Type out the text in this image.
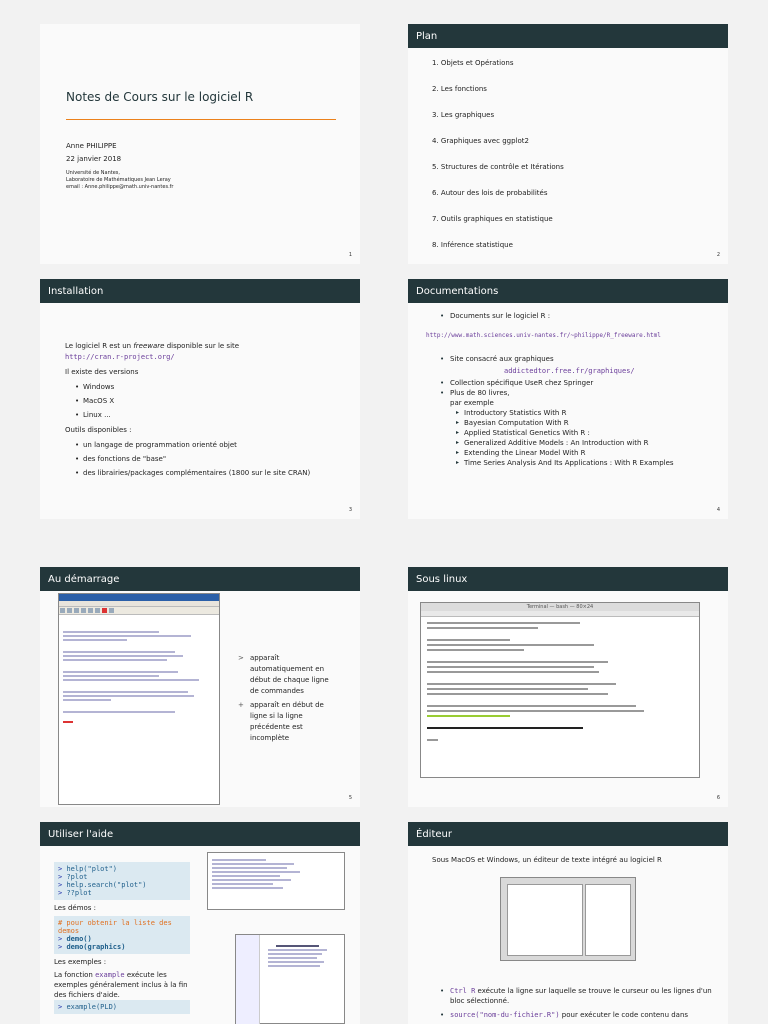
Notes de Cours sur le logiciel R
Anne PHILIPPE
22 janvier 2018
Université de Nantes,
Laboratoire de Mathématiques Jean Leray
email : Anne.philippe@math.univ-nantes.fr
1
Plan
1. Objets et Opérations
2. Les fonctions
3. Les graphiques
4. Graphiques avec ggplot2
5. Structures de contrôle et Itérations
6. Autour des lois de probabilités
7. Outils graphiques en statistique
8. Inférence statistique
2
Installation
Le logiciel R est un freeware disponible sur le site
http://cran.r-project.org/
Il existe des versions
• Windows
• MacOS X
• Linux ...
Outils disponibles :
• un langage de programmation orienté objet
• des fonctions de "base"
• des librairies/packages complémentaires (1800 sur le site CRAN)
3
Documentations
• Documents sur le logiciel R :
http://www.math.sciences.univ-nantes.fr/~philippe/R_freeware.html
• Site consacré aux graphiques
addictedtor.free.fr/graphiques/
• Collection spécifique UseR chez Springer
• Plus de 80 livres,
par exemple
▸ Introductory Statistics With R
▸ Bayesian Computation With R
▸ Applied Statistical Genetics With R :
▸ Generalized Additive Models : An Introduction with R
▸ Extending the Linear Model With R
▸ Time Series Analysis And Its Applications : With R Examples
4
Au démarrage
> apparaît automatiquement en début de chaque ligne de commandes
+ apparaît en début de ligne si la ligne précédente est incomplète
5
Sous linux
Terminal — bash — 80×24
6
Utiliser l'aide
> help("plot")
> ?plot
> help.search("plot")
> ??plot
Les démos :
# pour obtenir la liste des demos
> demo()
> demo(graphics)
Les exemples :
La fonction example exécute les exemples généralement inclus à la fin des fichiers d'aide.
> example(PLD)
Éditeur
Sous MacOS et Windows, un éditeur de texte intégré au logiciel R
• Ctrl R exécute la ligne sur laquelle se trouve le curseur ou les lignes d'un bloc sélectionné.
• source("nom-du-fichier.R") pour exécuter le code contenu dans
